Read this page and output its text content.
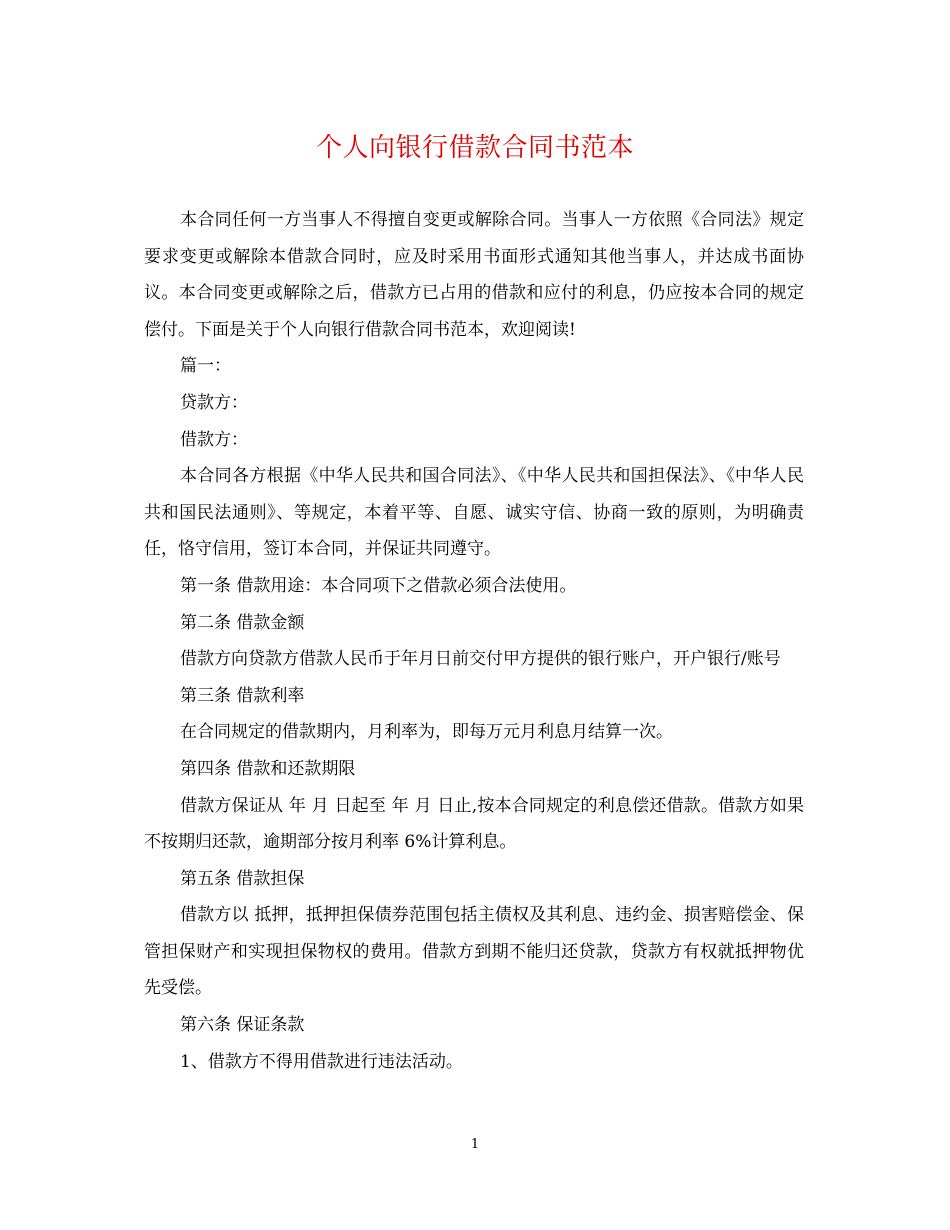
个人向银行借款合同书范本

本合同任何一方当事人不得擅自变更或解除合同。当事人一方依照《合同法》规定要求变更或解除本借款合同时，应及时采用书面形式通知其他当事人，并达成书面协议。本合同变更或解除之后，借款方已占用的借款和应付的利息，仍应按本合同的规定偿付。下面是关于个人向银行借款合同书范本，欢迎阅读!

篇一：

贷款方：

借款方：

本合同各方根据《中华人民共和国合同法》、《中华人民共和国担保法》、《中华人民共和国民法通则》、等规定，本着平等、自愿、诚实守信、协商一致的原则，为明确责任，恪守信用，签订本合同，并保证共同遵守。

第一条 借款用途：本合同项下之借款必须合法使用。

第二条 借款金额

借款方向贷款方借款人民币于年月日前交付甲方提供的银行账户，开户银行/账号

第三条 借款利率

在合同规定的借款期内，月利率为，即每万元月利息月结算一次。

第四条 借款和还款期限

借款方保证从 年 月 日起至 年 月 日止,按本合同规定的利息偿还借款。借款方如果不按期归还款，逾期部分按月利率 6%计算利息。

第五条 借款担保

借款方以 抵押，抵押担保债券范围包括主债权及其利息、违约金、损害赔偿金、保管担保财产和实现担保物权的费用。借款方到期不能归还贷款，贷款方有权就抵押物优先受偿。

第六条 保证条款

1、借款方不得用借款进行违法活动。

1
